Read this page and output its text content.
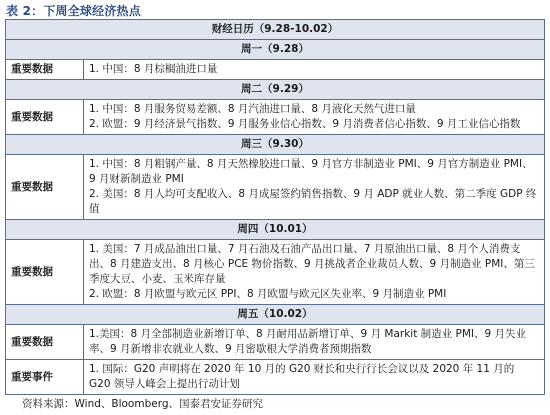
表 2：下周全球经济热点
财经日历（9.28-10.02）	
周一（9.28）	
重要数据	1. 中国：8 月棕榈油进口量

周二（9.29）	
重要数据	1. 中国：8 月服务贸易差额、8 月汽油进口量、8 月液化天然气进口量
2. 欧盟：9 月经济景气指数、9 月服务业信心指数、9 月消费者信心指数、9 月工业信心指数

周三（9.30）	
重要数据	1. 中国：8 月粗钢产量、8 月天然橡胶进口量、9 月官方非制造业 PMI、9 月官方制造业 PMI、9 月财新制造业 PMI
2. 美国：8 月人均可支配收入、8 月成屋签约销售指数、9 月 ADP 就业人数、第二季度 GDP 终值

周四（10.01）	
重要数据	1. 美国：7 月成品油出口量、7 月石油及石油产品出口量、7 月原油出口量、8 月个人消费支出、8 月建造支出、8 月核心 PCE 物价指数、9 月挑战者企业裁员人数、9 月制造业 PMI、第三季度大豆、小麦、玉米库存量
2. 欧盟：8 月欧盟与欧元区 PPI、8 月欧盟与欧元区失业率、9 月制造业 PMI

周五（10.02）	
重要数据	1.美国：8 月全部制造业新增订单、8 月耐用品新增订单、9 月 Markit 制造业 PMI、9 月失业率、9 月新增非农就业人数、9 月密歇根大学消费者预期指数

重要事件	1. 国际：G20 声明将在 2020 年 10 月的 G20 财长和央行行长会议以及 2020 年 11 月的 G20 领导人峰会上提出行动计划
资料来源：Wind、Bloomberg、国泰君安证券研究
